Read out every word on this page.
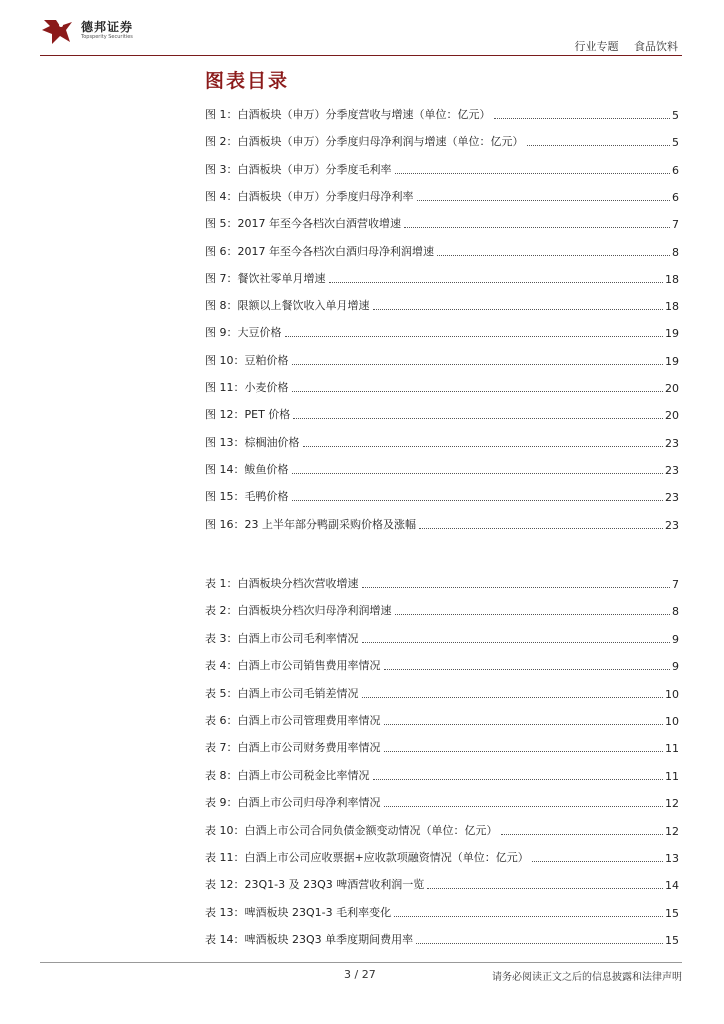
德邦证券
Topsperity Securities
行业专题 食品饮料
图表目录
图 1：白酒板块（申万）分季度营收与增速（单位：亿元）	5
图 2：白酒板块（申万）分季度归母净利润与增速（单位：亿元）	5
图 3：白酒板块（申万）分季度毛利率	6
图 4：白酒板块（申万）分季度归母净利率	6
图 5：2017 年至今各档次白酒营收增速	7
图 6：2017 年至今各档次白酒归母净利润增速	8
图 7：餐饮社零单月增速	18
图 8：限额以上餐饮收入单月增速	18
图 9：大豆价格	19
图 10：豆粕价格	19
图 11：小麦价格	20
图 12：PET 价格	20
图 13：棕榈油价格	23
图 14：鲅鱼价格	23
图 15：毛鸭价格	23
图 16：23 上半年部分鸭副采购价格及涨幅	23
表 1：白酒板块分档次营收增速	7
表 2：白酒板块分档次归母净利润增速	8
表 3：白酒上市公司毛利率情况	9
表 4：白酒上市公司销售费用率情况	9
表 5：白酒上市公司毛销差情况	10
表 6：白酒上市公司管理费用率情况	10
表 7：白酒上市公司财务费用率情况	11
表 8：白酒上市公司税金比率情况	11
表 9：白酒上市公司归母净利率情况	12
表 10：白酒上市公司合同负债金额变动情况（单位：亿元）	12
表 11：白酒上市公司应收票据+应收款项融资情况（单位：亿元）	13
表 12：23Q1-3 及 23Q3 啤酒营收利润一览	14
表 13：啤酒板块 23Q1-3 毛利率变化	15
表 14：啤酒板块 23Q3 单季度期间费用率	15
3 / 27	请务必阅读正文之后的信息披露和法律声明
